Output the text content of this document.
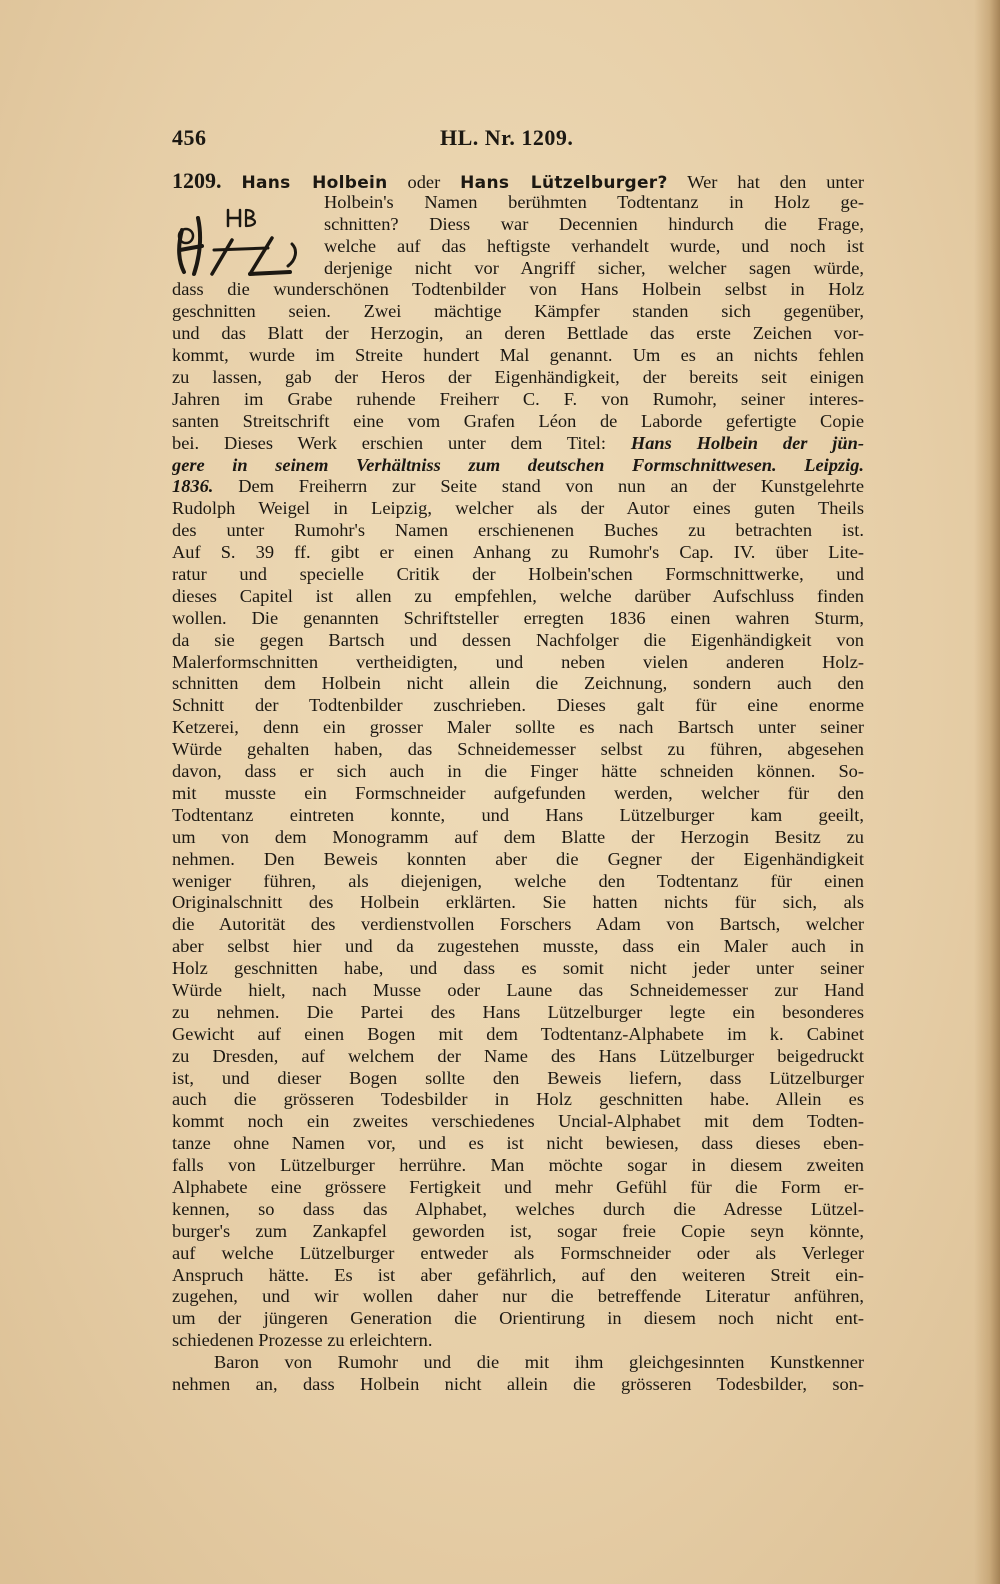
456	HL. Nr. 1209.
1209. Hans Holbein oder Hans Lützelburger? Wer hat den unter
Holbein's Namen berühmten Todtentanz in Holz ge-
schnitten? Diess war Decennien hindurch die Frage,
welche auf das heftigste verhandelt wurde, und noch ist
derjenige nicht vor Angriff sicher, welcher sagen würde,
dass die wunderschönen Todtenbilder von Hans Holbein selbst in Holz
geschnitten seien. Zwei mächtige Kämpfer standen sich gegenüber,
und das Blatt der Herzogin, an deren Bettlade das erste Zeichen vor-
kommt, wurde im Streite hundert Mal genannt. Um es an nichts fehlen
zu lassen, gab der Heros der Eigenhändigkeit, der bereits seit einigen
Jahren im Grabe ruhende Freiherr C. F. von Rumohr, seiner interes-
santen Streitschrift eine vom Grafen Léon de Laborde gefertigte Copie
bei. Dieses Werk erschien unter dem Titel: Hans Holbein der jün-
gere in seinem Verhältniss zum deutschen Formschnittwesen. Leipzig.
1836. Dem Freiherrn zur Seite stand von nun an der Kunstgelehrte
Rudolph Weigel in Leipzig, welcher als der Autor eines guten Theils
des unter Rumohr's Namen erschienenen Buches zu betrachten ist.
Auf S. 39 ff. gibt er einen Anhang zu Rumohr's Cap. IV. über Lite-
ratur und specielle Critik der Holbein'schen Formschnittwerke, und
dieses Capitel ist allen zu empfehlen, welche darüber Aufschluss finden
wollen. Die genannten Schriftsteller erregten 1836 einen wahren Sturm,
da sie gegen Bartsch und dessen Nachfolger die Eigenhändigkeit von
Malerformschnitten vertheidigten, und neben vielen anderen Holz-
schnitten dem Holbein nicht allein die Zeichnung, sondern auch den
Schnitt der Todtenbilder zuschrieben. Dieses galt für eine enorme
Ketzerei, denn ein grosser Maler sollte es nach Bartsch unter seiner
Würde gehalten haben, das Schneidemesser selbst zu führen, abgesehen
davon, dass er sich auch in die Finger hätte schneiden können. So-
mit musste ein Formschneider aufgefunden werden, welcher für den
Todtentanz eintreten konnte, und Hans Lützelburger kam geeilt,
um von dem Monogramm auf dem Blatte der Herzogin Besitz zu
nehmen. Den Beweis konnten aber die Gegner der Eigenhändigkeit
weniger führen, als diejenigen, welche den Todtentanz für einen
Originalschnitt des Holbein erklärten. Sie hatten nichts für sich, als
die Autorität des verdienstvollen Forschers Adam von Bartsch, welcher
aber selbst hier und da zugestehen musste, dass ein Maler auch in
Holz geschnitten habe, und dass es somit nicht jeder unter seiner
Würde hielt, nach Musse oder Laune das Schneidemesser zur Hand
zu nehmen. Die Partei des Hans Lützelburger legte ein besonderes
Gewicht auf einen Bogen mit dem Todtentanz-Alphabete im k. Cabinet
zu Dresden, auf welchem der Name des Hans Lützelburger beigedruckt
ist, und dieser Bogen sollte den Beweis liefern, dass Lützelburger
auch die grösseren Todesbilder in Holz geschnitten habe. Allein es
kommt noch ein zweites verschiedenes Uncial-Alphabet mit dem Todten-
tanze ohne Namen vor, und es ist nicht bewiesen, dass dieses eben-
falls von Lützelburger herrühre. Man möchte sogar in diesem zweiten
Alphabete eine grössere Fertigkeit und mehr Gefühl für die Form er-
kennen, so dass das Alphabet, welches durch die Adresse Lützel-
burger's zum Zankapfel geworden ist, sogar freie Copie seyn könnte,
auf welche Lützelburger entweder als Formschneider oder als Verleger
Anspruch hätte. Es ist aber gefährlich, auf den weiteren Streit ein-
zugehen, und wir wollen daher nur die betreffende Literatur anführen,
um der jüngeren Generation die Orientirung in diesem noch nicht ent-
schiedenen Prozesse zu erleichtern.
Baron von Rumohr und die mit ihm gleichgesinnten Kunstkenner
nehmen an, dass Holbein nicht allein die grösseren Todesbilder, son-
